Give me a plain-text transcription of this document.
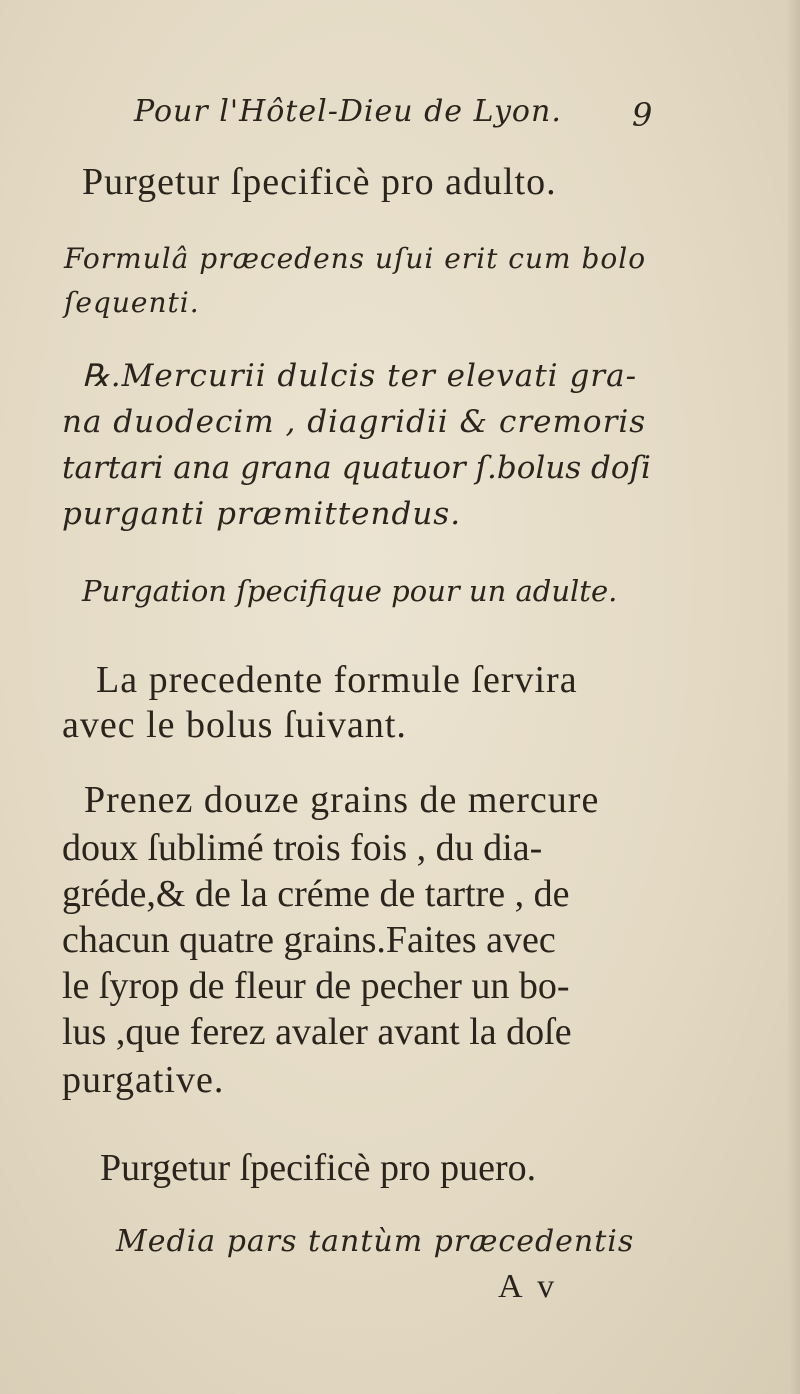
Pour l'Hôtel-Dieu de Lyon. 9
Purgetur ſpecificè pro adulto.
Formulâ præcedens uſui erit cum bolo
ſequenti.
℞.Mercurii dulcis ter elevati gra-
na duodecim , diagridii & cremoris
tartari ana grana quatuor ſ.bolus doſi
purganti præmittendus.
Purgation ſpecifique pour un adulte.
La precedente formule ſervira
avec le bolus ſuivant.
Prenez douze grains de mercure
doux ſublimé trois fois , du dia-
gréde,& de la créme de tartre , de
chacun quatre grains.Faites avec
le ſyrop de fleur de pecher un bo-
lus ,que ferez avaler avant la doſe
purgative.
Purgetur ſpecificè pro puero.
Media pars tantùm præcedentis
A v
